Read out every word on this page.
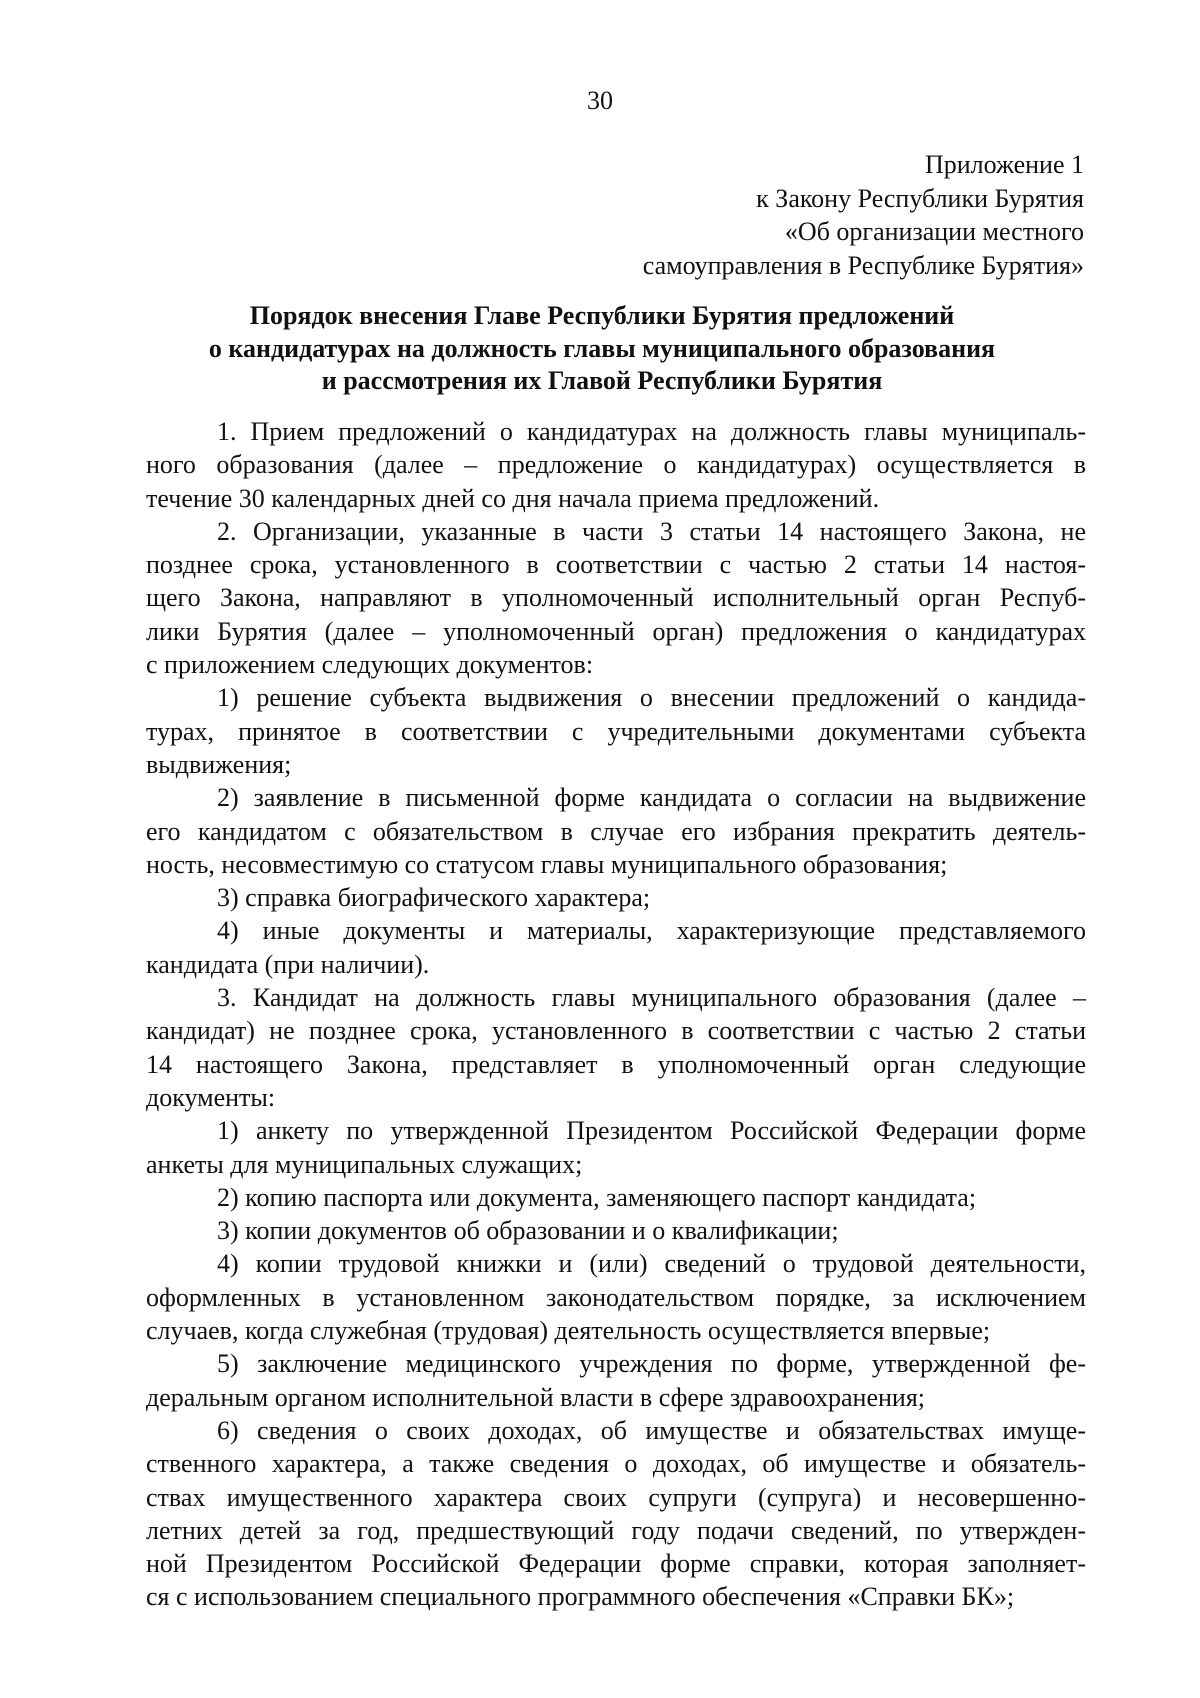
30
Приложение 1
к Закону Республики Бурятия
«Об организации местного
самоуправления в Республике Бурятия»
Порядок внесения Главе Республики Бурятия предложений
о кандидатурах на должность главы муниципального образования
и рассмотрения их Главой Республики Бурятия
1. Прием предложений о кандидатурах на должность главы муниципаль-
ного образования (далее – предложение о кандидатурах) осуществляется в
течение 30 календарных дней со дня начала приема предложений.
2. Организации, указанные в части 3 статьи 14 настоящего Закона, не
позднее срока, установленного в соответствии с частью 2 статьи 14 настоя-
щего Закона, направляют в уполномоченный исполнительный орган Респуб-
лики Бурятия (далее – уполномоченный орган) предложения о кандидатурах
с приложением следующих документов:
1) решение субъекта выдвижения о внесении предложений о кандида-
турах, принятое в соответствии с учредительными документами субъекта
выдвижения;
2) заявление в письменной форме кандидата о согласии на выдвижение
его кандидатом с обязательством в случае его избрания прекратить деятель-
ность, несовместимую со статусом главы муниципального образования;
3) справка биографического характера;
4) иные документы и материалы, характеризующие представляемого
кандидата (при наличии).
3. Кандидат на должность главы муниципального образования (далее –
кандидат) не позднее срока, установленного в соответствии с частью 2 статьи
14 настоящего Закона, представляет в уполномоченный орган следующие
документы:
1) анкету по утвержденной Президентом Российской Федерации форме
анкеты для муниципальных служащих;
2) копию паспорта или документа, заменяющего паспорт кандидата;
3) копии документов об образовании и о квалификации;
4) копии трудовой книжки и (или) сведений о трудовой деятельности,
оформленных в установленном законодательством порядке, за исключением
случаев, когда служебная (трудовая) деятельность осуществляется впервые;
5) заключение медицинского учреждения по форме, утвержденной фе-
деральным органом исполнительной власти в сфере здравоохранения;
6) сведения о своих доходах, об имуществе и обязательствах имуще-
ственного характера, а также сведения о доходах, об имуществе и обязатель-
ствах имущественного характера своих супруги (супруга) и несовершенно-
летних детей за год, предшествующий году подачи сведений, по утвержден-
ной Президентом Российской Федерации форме справки, которая заполняет-
ся с использованием специального программного обеспечения «Справки БК»;
